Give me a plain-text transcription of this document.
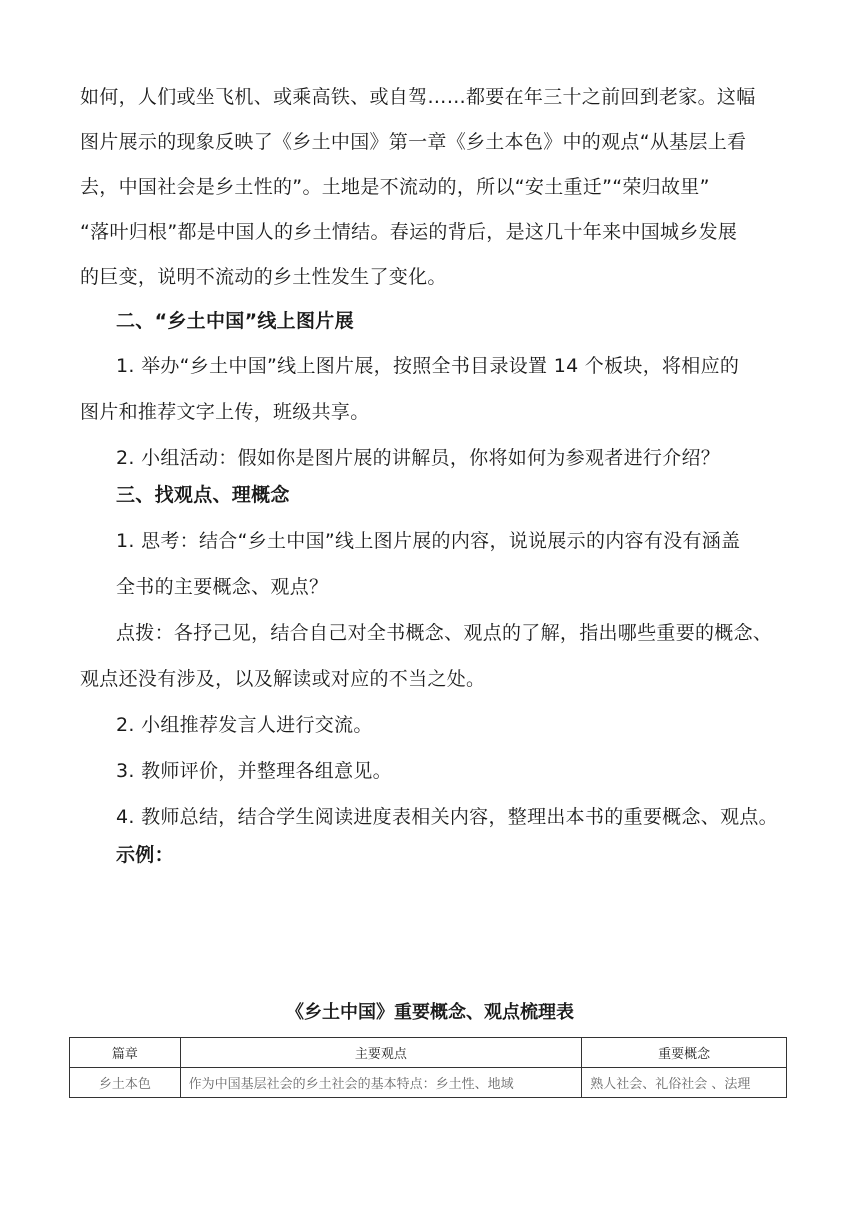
如何，人们或坐飞机、或乘高铁、或自驾……都要在年三十之前回到老家。这幅
图片展示的现象反映了《乡土中国》第一章《乡土本色》中的观点“从基层上看
去，中国社会是乡土性的”。土地是不流动的，所以“安土重迁”“荣归故里”
“落叶归根”都是中国人的乡土情结。春运的背后，是这几十年来中国城乡发展
的巨变，说明不流动的乡土性发生了变化。
二、“乡土中国”线上图片展
1. 举办“乡土中国”线上图片展，按照全书目录设置 14 个板块，将相应的
图片和推荐文字上传，班级共享。
2. 小组活动：假如你是图片展的讲解员，你将如何为参观者进行介绍？
三、找观点、理概念
1. 思考：结合“乡土中国”线上图片展的内容，说说展示的内容有没有涵盖
全书的主要概念、观点？
点拨：各抒己见，结合自己对全书概念、观点的了解，指出哪些重要的概念、
观点还没有涉及，以及解读或对应的不当之处。
2. 小组推荐发言人进行交流。
3. 教师评价，并整理各组意见。
4. 教师总结，结合学生阅读进度表相关内容，整理出本书的重要概念、观点。
示例：
《乡土中国》重要概念、观点梳理表
篇章	主要观点	重要概念
乡土本色	作为中国基层社会的乡土社会的基本特点：乡土性、地域	熟人社会、礼俗社会 、法理
